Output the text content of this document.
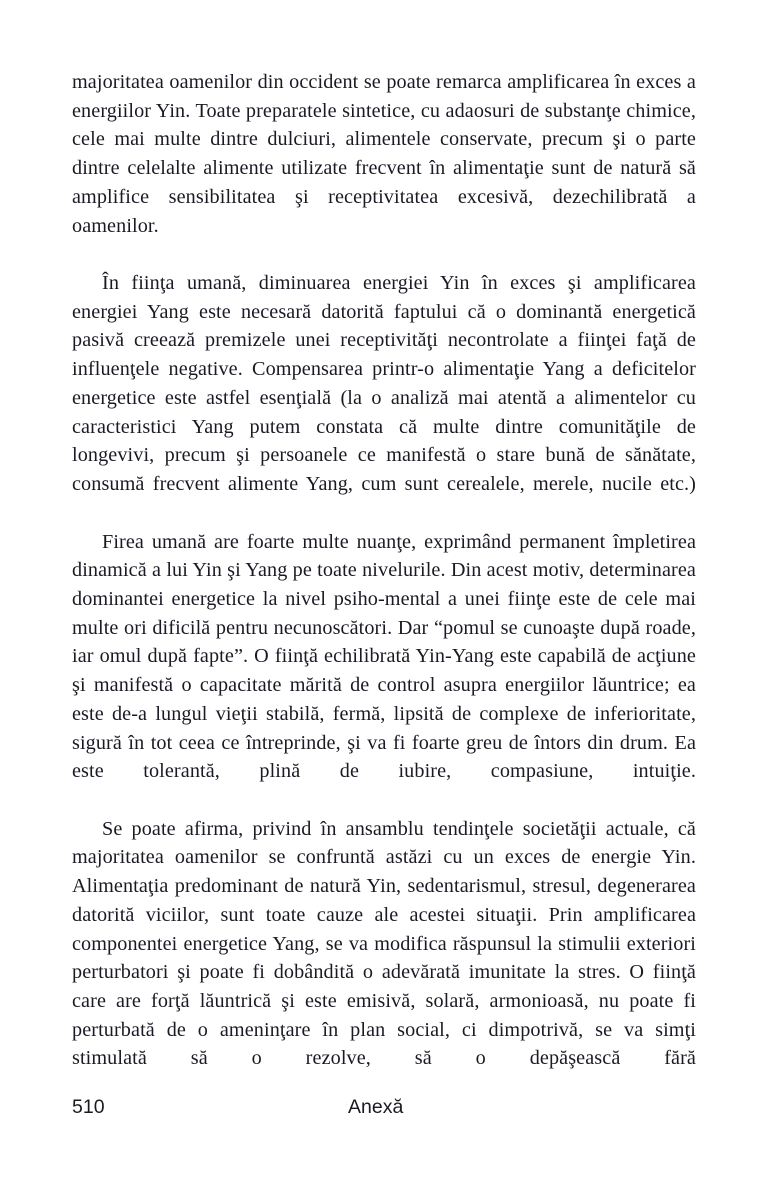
majoritatea oamenilor din occident se poate remarca amplificarea în exces a energiilor Yin. Toate preparatele sintetice, cu adaosuri de substanţe chimice, cele mai multe dintre dulciuri, alimentele conservate, precum şi o parte dintre celelalte alimente utilizate frecvent în alimentaţie sunt de natură să amplifice sensibilitatea şi receptivitatea excesivă, dezechilibrată a oamenilor.

În fiinţa umană, diminuarea energiei Yin în exces şi amplificarea energiei Yang este necesară datorită faptului că o dominantă energetică pasivă creează premizele unei receptivităţi necontrolate a fiinţei faţă de influenţele negative. Compensarea printr-o alimentaţie Yang a deficitelor energetice este astfel esenţială (la o analiză mai atentă a alimentelor cu caracteristici Yang putem constata că multe dintre comunităţile de longevivi, precum şi persoanele ce manifestă o stare bună de sănătate, consumă frecvent alimente Yang, cum sunt cerealele, merele, nucile etc.)

Firea umană are foarte multe nuanţe, exprimând permanent împletirea dinamică a lui Yin şi Yang pe toate nivelurile. Din acest motiv, determinarea dominantei energetice la nivel psiho-mental a unei fiinţe este de cele mai multe ori dificilă pentru necunoscători. Dar “pomul se cunoaşte după roade, iar omul după fapte”. O fiinţă echilibrată Yin-Yang este capabilă de acţiune şi manifestă o capacitate mărită de control asupra energiilor lăuntrice; ea este de-a lungul vieţii stabilă, fermă, lipsită de complexe de inferioritate, sigură în tot ceea ce întreprinde, şi va fi foarte greu de întors din drum. Ea este tolerantă, plină de iubire, compasiune, intuiţie.

Se poate afirma, privind în ansamblu tendinţele societăţii actuale, că majoritatea oamenilor se confruntă astăzi cu un exces de energie Yin. Alimentaţia predominant de natură Yin, sedentarismul, stresul, degenerarea datorită viciilor, sunt toate cauze ale acestei situaţii. Prin amplificarea componentei energetice Yang, se va modifica răspunsul la stimulii exteriori perturbatori şi poate fi dobândită o adevărată imunitate la stres. O fiinţă care are forţă lăuntrică şi este emisivă, solară, armonioasă, nu poate fi perturbată de o ameninţare în plan social, ci dimpotrivă, se va simţi stimulată să o rezolve, să o depăşească fără

510	Anexă
